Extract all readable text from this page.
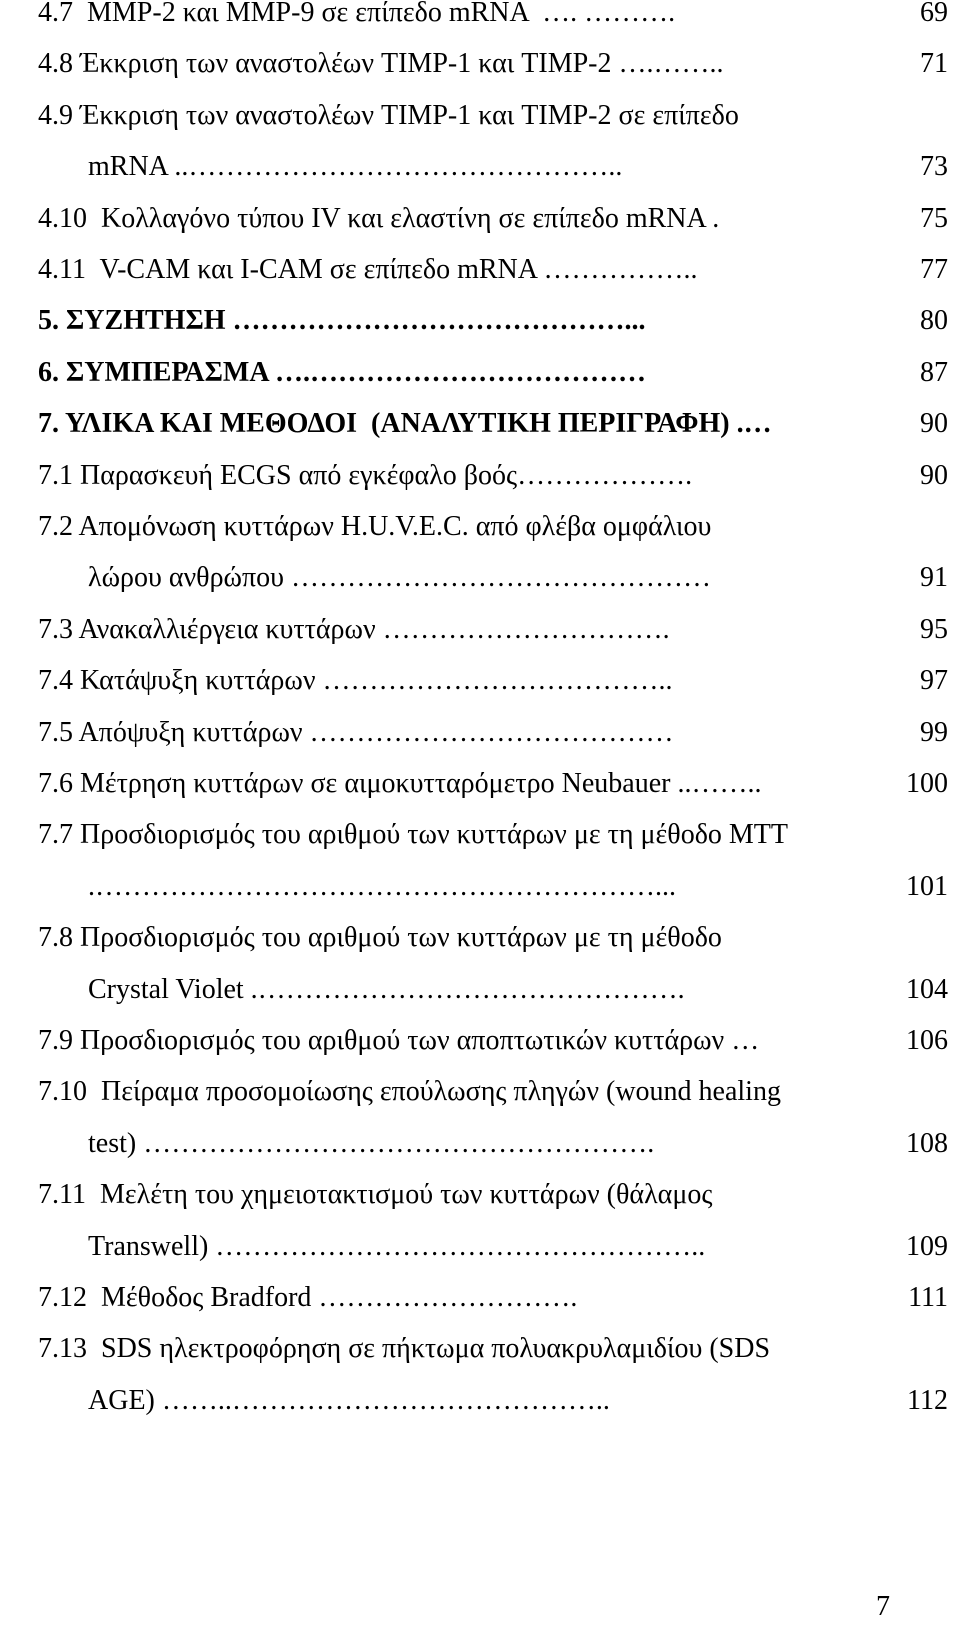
4.7  MMP-2 και MMP-9 σε επίπεδο mRNA  …. ……….	69
4.8 Έκκριση των αναστολέων TIMP-1 και TIMP-2 ….……..	71
4.9 Έκκριση των αναστολέων TIMP-1 και TIMP-2 σε επίπεδο
mRNA ..………………………………………..	73
4.10  Κολλαγόνο τύπου IV και ελαστίνη σε επίπεδο mRNA .	75
4.11  V-CAM και I-CAM σε επίπεδο mRNA ……………..	77
5. ΣΥΖΗΤΗΣΗ ……………………………………...	80
6. ΣΥΜΠΕΡΑΣΜΑ ….………………………………	87
7. ΥΛΙΚΑ ΚΑΙ ΜΕΘΟΔΟΙ  (ΑΝΑΛΥΤΙΚΗ ΠΕΡΙΓΡΑΦΗ) .…	90
7.1 Παρασκευή ECGS από εγκέφαλο βοός……………….	90
7.2 Απομόνωση κυττάρων H.U.V.E.C. από φλέβα ομφάλιου
λώρου ανθρώπου ………………………………………	91
7.3 Ανακαλλιέργεια κυττάρων ………………………….	95
7.4 Κατάψυξη κυττάρων ………………………………..	97
7.5 Απόψυξη κυττάρων …………………………………	99
7.6 Μέτρηση κυττάρων σε αιμοκυτταρόμετρο Neubauer ..……..	100
7.7 Προσδιορισμός του αριθμού των κυττάρων με τη μέθοδο MTT
.……………………………………………………...	101
7.8 Προσδιορισμός του αριθμού των κυττάρων με τη μέθοδο
Crystal Violet .……………………………………….	104
7.9 Προσδιορισμός του αριθμού των αποπτωτικών κυττάρων …	106
7.10  Πείραμα προσομοίωσης επούλωσης πληγών (wound healing
test) ……………………………………………….	108
7.11  Μελέτη του χημειοτακτισμού των κυττάρων (θάλαμος
Transwell) ……………………………………………..	109
7.12  Μέθοδος Bradford ……………………….	111
7.13  SDS ηλεκτροφόρηση σε πήκτωμα πολυακρυλαμιδίου (SDS
AGE) ……..…………………………………..	112
7
